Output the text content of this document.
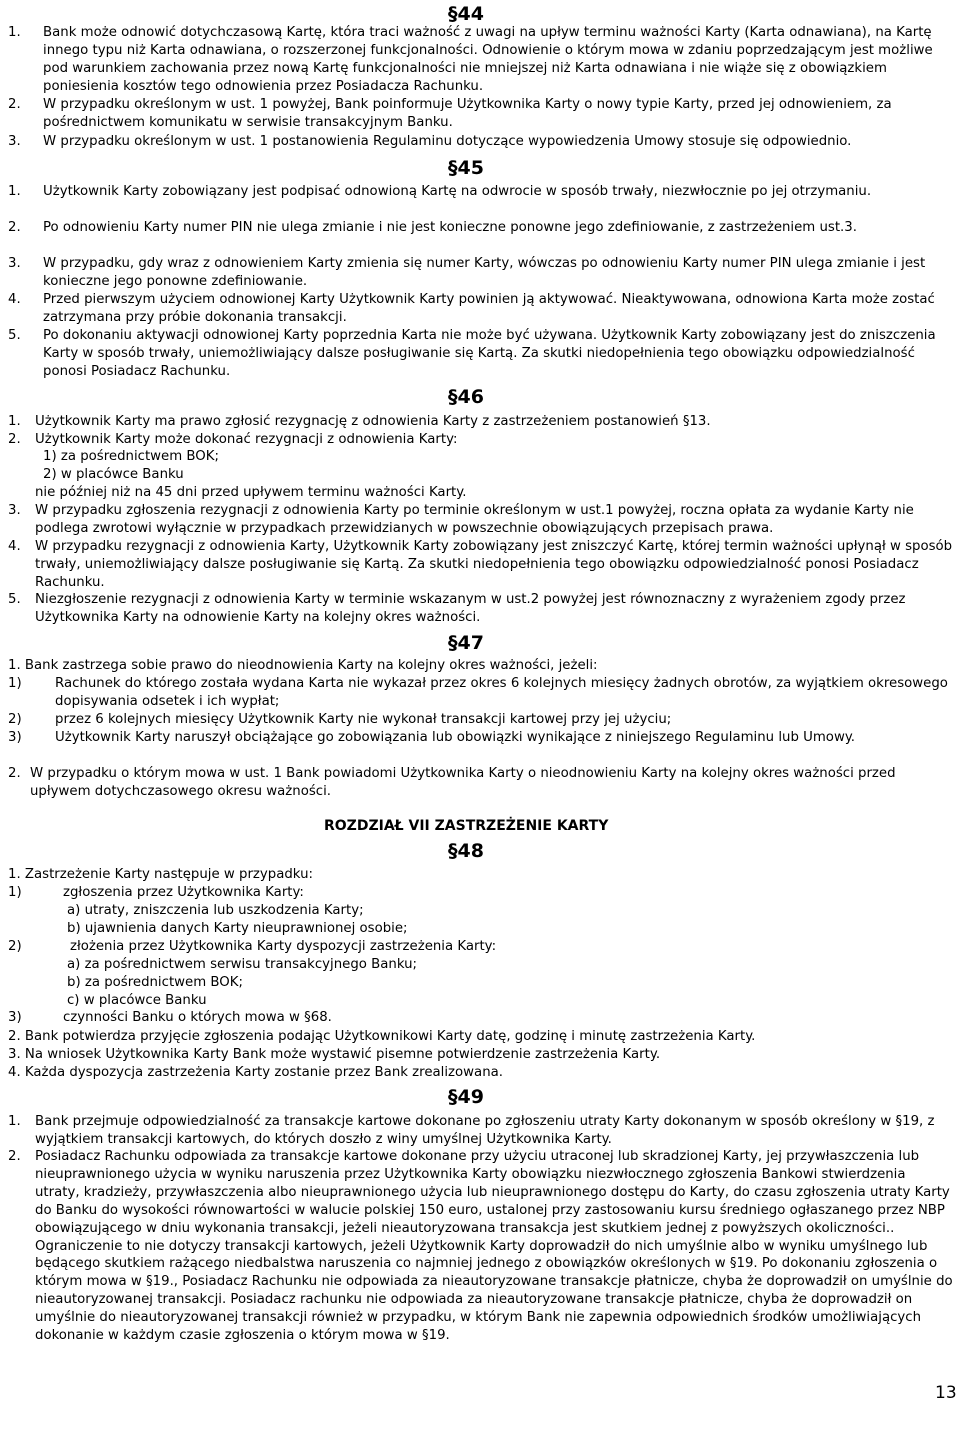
§44
1. Bank może odnowić dotychczasową Kartę, która traci ważność z uwagi na upływ terminu ważności Karty (Karta odnawiana), na Kartę innego typu niż Karta odnawiana, o rozszerzonej funkcjonalności. Odnowienie o którym mowa w zdaniu poprzedzającym jest możliwe pod warunkiem zachowania przez nową Kartę funkcjonalności nie mniejszej niż Karta odnawiana i nie wiąże się z obowiązkiem poniesienia kosztów tego odnowienia przez Posiadacza Rachunku.
2. W przypadku określonym w ust. 1 powyżej, Bank poinformuje Użytkownika Karty o nowy typie Karty, przed jej odnowieniem, za pośrednictwem komunikatu w serwisie transakcyjnym Banku.
3. W przypadku określonym w ust. 1 postanowienia Regulaminu dotyczące wypowiedzenia Umowy stosuje się odpowiednio.
§45
1. Użytkownik Karty zobowiązany jest podpisać odnowioną Kartę na odwrocie w sposób trwały, niezwłocznie po jej otrzymaniu.
2. Po odnowieniu Karty numer PIN nie ulega zmianie i nie jest konieczne ponowne jego zdefiniowanie, z zastrzeżeniem ust.3.
3. W przypadku, gdy wraz z odnowieniem Karty zmienia się numer Karty, wówczas po odnowieniu Karty numer PIN ulega zmianie i jest konieczne jego ponowne zdefiniowanie.
4. Przed pierwszym użyciem odnowionej Karty Użytkownik Karty powinien ją aktywować. Nieaktywowana, odnowiona Karta może zostać zatrzymana przy próbie dokonania transakcji.
5. Po dokonaniu aktywacji odnowionej Karty poprzednia Karta nie może być używana. Użytkownik Karty zobowiązany jest do zniszczenia Karty w sposób trwały, uniemożliwiający dalsze posługiwanie się Kartą. Za skutki niedopełnienia tego obowiązku odpowiedzialność ponosi Posiadacz Rachunku.
§46
1. Użytkownik Karty ma prawo zgłosić rezygnację z odnowienia Karty z zastrzeżeniem postanowień §13.
2. Użytkownik Karty może dokonać rezygnacji z odnowienia Karty:
1) za pośrednictwem BOK;
2) w placówce Banku
nie później niż na 45 dni przed upływem terminu ważności Karty.
3. W przypadku zgłoszenia rezygnacji z odnowienia Karty po terminie określonym w ust.1 powyżej, roczna opłata za wydanie Karty nie podlega zwrotowi wyłącznie w przypadkach przewidzianych w powszechnie obowiązujących przepisach prawa.
4. W przypadku rezygnacji z odnowienia Karty, Użytkownik Karty zobowiązany jest zniszczyć Kartę, której termin ważności upłynął w sposób trwały, uniemożliwiający dalsze posługiwanie się Kartą. Za skutki niedopełnienia tego obowiązku odpowiedzialność ponosi Posiadacz Rachunku.
5. Niezgłoszenie rezygnacji z odnowienia Karty w terminie wskazanym w ust.2 powyżej jest równoznaczny z wyrażeniem zgody przez Użytkownika Karty na odnowienie Karty na kolejny okres ważności.
§47
1. Bank zastrzega sobie prawo do nieodnowienia Karty na kolejny okres ważności, jeżeli:
1)	Rachunek do którego została wydana Karta nie wykazał przez okres 6 kolejnych miesięcy żadnych obrotów, za wyjątkiem okresowego dopisywania odsetek i ich wypłat;
2)	przez 6 kolejnych miesięcy Użytkownik Karty nie wykonał transakcji kartowej przy jej użyciu;
3)	Użytkownik Karty naruszył obciążające go zobowiązania lub obowiązki wynikające z niniejszego Regulaminu lub Umowy.
2. W przypadku o którym mowa w ust. 1 Bank powiadomi Użytkownika Karty o nieodnowieniu Karty na kolejny okres ważności przed upływem dotychczasowego okresu ważności.
ROZDZIAŁ VII ZASTRZEŻENIE KARTY
§48
1. Zastrzeżenie Karty następuje w przypadku:
1)	zgłoszenia przez Użytkownika Karty:
a) utraty, zniszczenia lub uszkodzenia Karty;
b) ujawnienia danych Karty nieuprawnionej osobie;
2)	złożenia przez Użytkownika Karty dyspozycji zastrzeżenia Karty:
a) za pośrednictwem serwisu transakcyjnego Banku;
b) za pośrednictwem BOK;
c) w placówce Banku
3)	czynności Banku o których mowa w §68.
2. Bank potwierdza przyjęcie zgłoszenia podając Użytkownikowi Karty datę, godzinę i minutę zastrzeżenia Karty.
3. Na wniosek Użytkownika Karty Bank może wystawić pisemne potwierdzenie zastrzeżenia Karty.
4. Każda dyspozycja zastrzeżenia Karty zostanie przez Bank zrealizowana.
§49
1. Bank przejmuje odpowiedzialność za transakcje kartowe dokonane po zgłoszeniu utraty Karty dokonanym w sposób określony w §19, z wyjątkiem transakcji kartowych, do których doszło z winy umyślnej Użytkownika Karty.
2. Posiadacz Rachunku odpowiada za transakcje kartowe dokonane przy użyciu utraconej lub skradzionej Karty, jej przywłaszczenia lub nieuprawnionego użycia w wyniku naruszenia przez Użytkownika Karty obowiązku niezwłocznego zgłoszenia Bankowi stwierdzenia utraty, kradzieży, przywłaszczenia albo nieuprawnionego użycia lub nieuprawnionego dostępu do Karty, do czasu zgłoszenia utraty Karty do Banku do wysokości równowartości w walucie polskiej 150 euro, ustalonej przy zastosowaniu kursu średniego ogłaszanego przez NBP obowiązującego w dniu wykonania transakcji, jeżeli nieautoryzowana transakcja jest skutkiem jednej z powyższych okoliczności.. Ograniczenie to nie dotyczy transakcji kartowych, jeżeli Użytkownik Karty doprowadził do nich umyślnie albo w wyniku umyślnego lub będącego skutkiem rażącego niedbalstwa naruszenia co najmniej jednego z obowiązków określonych w §19. Po dokonaniu zgłoszenia o którym mowa w §19., Posiadacz Rachunku nie odpowiada za nieautoryzowane transakcje płatnicze, chyba że doprowadził on umyślnie do nieautoryzowanej transakcji. Posiadacz rachunku nie odpowiada za nieautoryzowane transakcje płatnicze, chyba że doprowadził on umyślnie do nieautoryzowanej transakcji również w przypadku, w którym Bank nie zapewnia odpowiednich środków umożliwiających dokonanie w każdym czasie zgłoszenia o którym mowa w §19.
13
